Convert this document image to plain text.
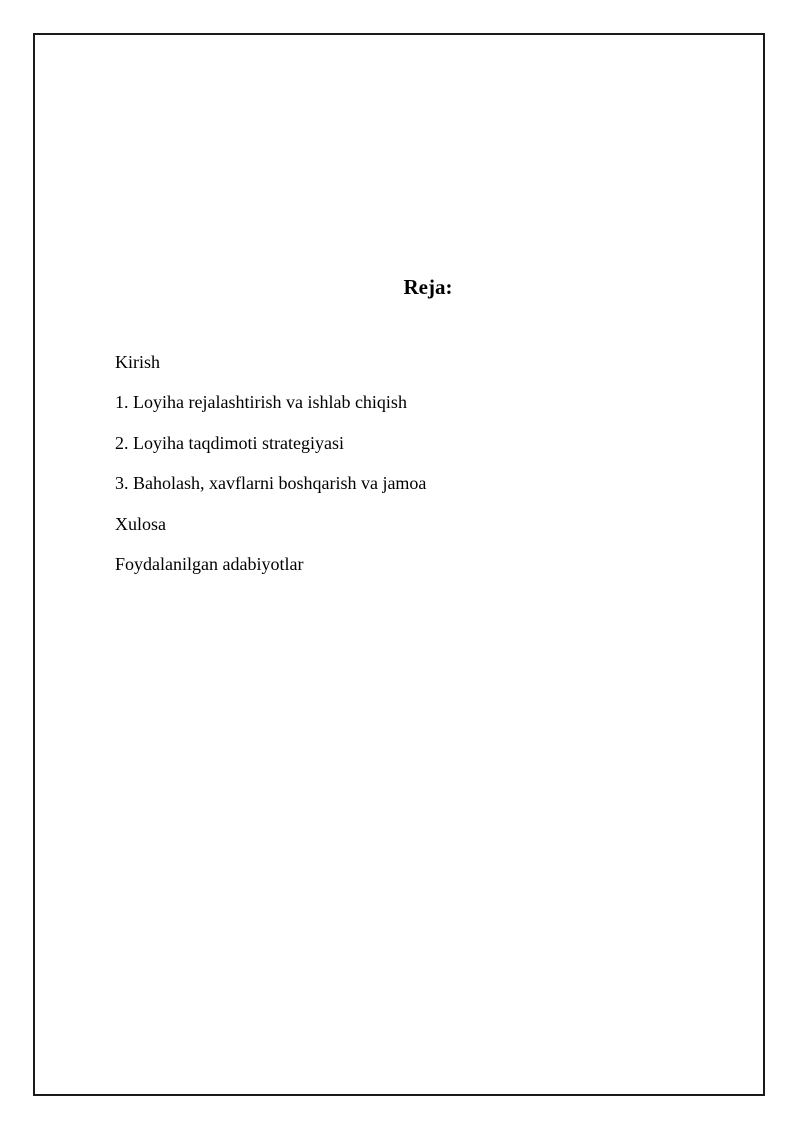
Reja:
Kirish
1. Loyiha rejalashtirish va ishlab chiqish
2. Loyiha taqdimoti strategiyasi
3. Baholash, xavflarni boshqarish va jamoa
Xulosa
Foydalanilgan adabiyotlar
